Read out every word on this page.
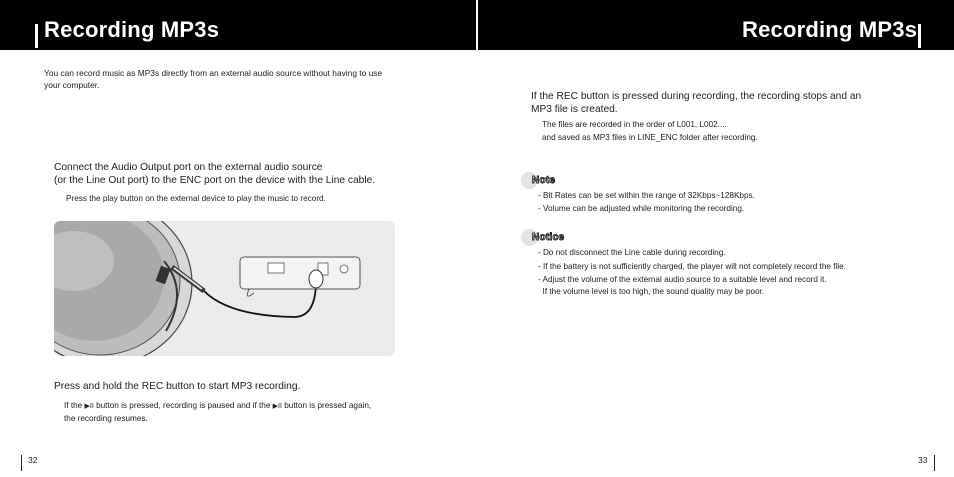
Recording MP3s	Recording MP3s
You can record music as MP3s directly from an external audio source without having to use
your computer.
Connect the Audio Output port on the external audio source
(or the Line Out port) to the ENC port on the device with the Line cable.
Press the play button on the external device to play the music to record.
Press and hold the REC button to start MP3 recording.
If the ▶II button is pressed, recording is paused and if the ▶II button is pressed again,
the recording resumes.
32
If the REC button is pressed during recording, the recording stops and an
MP3 file is created.
The files are recorded in the order of L001, L002....
and saved as MP3 files in LINE_ENC folder after recording.
Note
- Bit Rates can be set within the range of 32Kbps~128Kbps.
- Volume can be adjusted while monitoring the recording.
Notice
- Do not disconnect the Line cable during recording.
- If the battery is not sufficiently charged, the player will not completely record the file.
- Adjust the volume of the external audio source to a suitable level and record it.
If the volume level is too high, the sound quality may be poor.
33
